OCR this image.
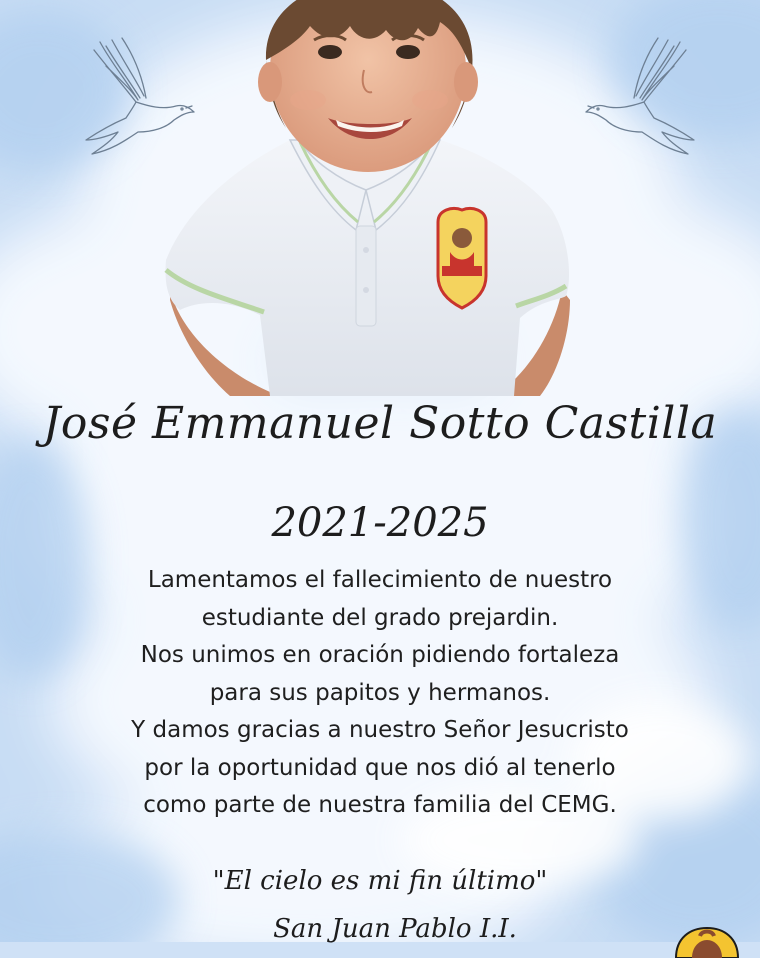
José Emmanuel Sotto Castilla
2021-2025
Lamentamos el fallecimiento de nuestro
estudiante del grado prejardin.
Nos unimos en oración pidiendo fortaleza
para sus papitos y hermanos.
Y damos gracias a nuestro Señor Jesucristo
por la oportunidad que nos dió al tenerlo
como parte de nuestra familia del CEMG.
"El cielo es mi fin último"
San Juan Pablo I.I.
